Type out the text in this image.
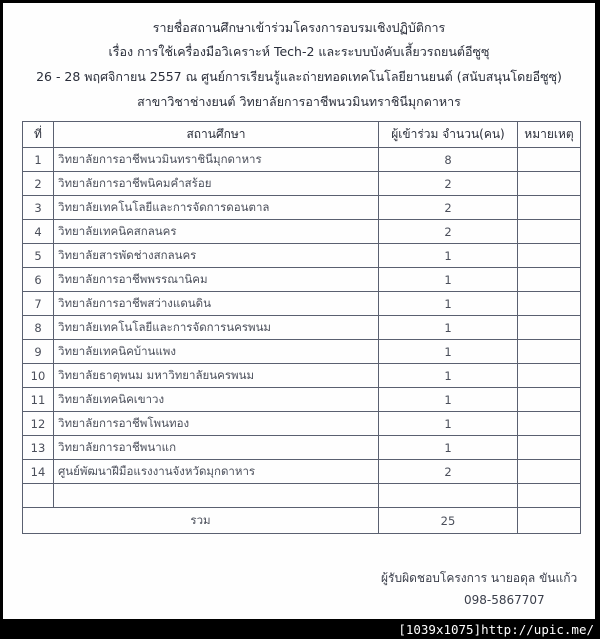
รายชื่อสถานศึกษาเข้าร่วมโครงการอบรมเชิงปฏิบัติการ
เรื่อง การใช้เครื่องมือวิเคราะห์ Tech-2 และระบบบังคับเลี้ยวรถยนต์อีซูซุ
26 - 28 พฤศจิกายน 2557 ณ ศูนย์การเรียนรู้และถ่ายทอดเทคโนโลยียานยนต์ (สนับสนุนโดยอีซูซุ)
สาขาวิชาช่างยนต์ วิทยาลัยการอาชีพนวมินทราชินีมุกดาหาร
ที่	สถานศึกษา	ผู้เข้าร่วม จำนวน(คน)	หมายเหตุ
1	วิทยาลัยการอาชีพนวมินทราชินีมุกดาหาร	8	
2	วิทยาลัยการอาชีพนิคมคำสร้อย	2	
3	วิทยาลัยเทคโนโลยีและการจัดการดอนตาล	2	
4	วิทยาลัยเทคนิคสกลนคร	2	
5	วิทยาลัยสารพัดช่างสกลนคร	1	
6	วิทยาลัยการอาชีพพรรณานิคม	1	
7	วิทยาลัยการอาชีพสว่างแดนดิน	1	
8	วิทยาลัยเทคโนโลยีและการจัดการนครพนม	1	
9	วิทยาลัยเทคนิคบ้านแพง	1	
10	วิทยาลัยธาตุพนม มหาวิทยาลัยนครพนม	1	
11	วิทยาลัยเทคนิคเขาวง	1	
12	วิทยาลัยการอาชีพโพนทอง	1	
13	วิทยาลัยการอาชีพนาแก	1	
14	ศูนย์พัฒนาฝีมือแรงงานจังหวัดมุกดาหาร	2	

รวม		25	
ผู้รับผิดชอบโครงการ นายอดุล ขันแก้ว
098-5867707
[1039x1075]http://upic.me/
